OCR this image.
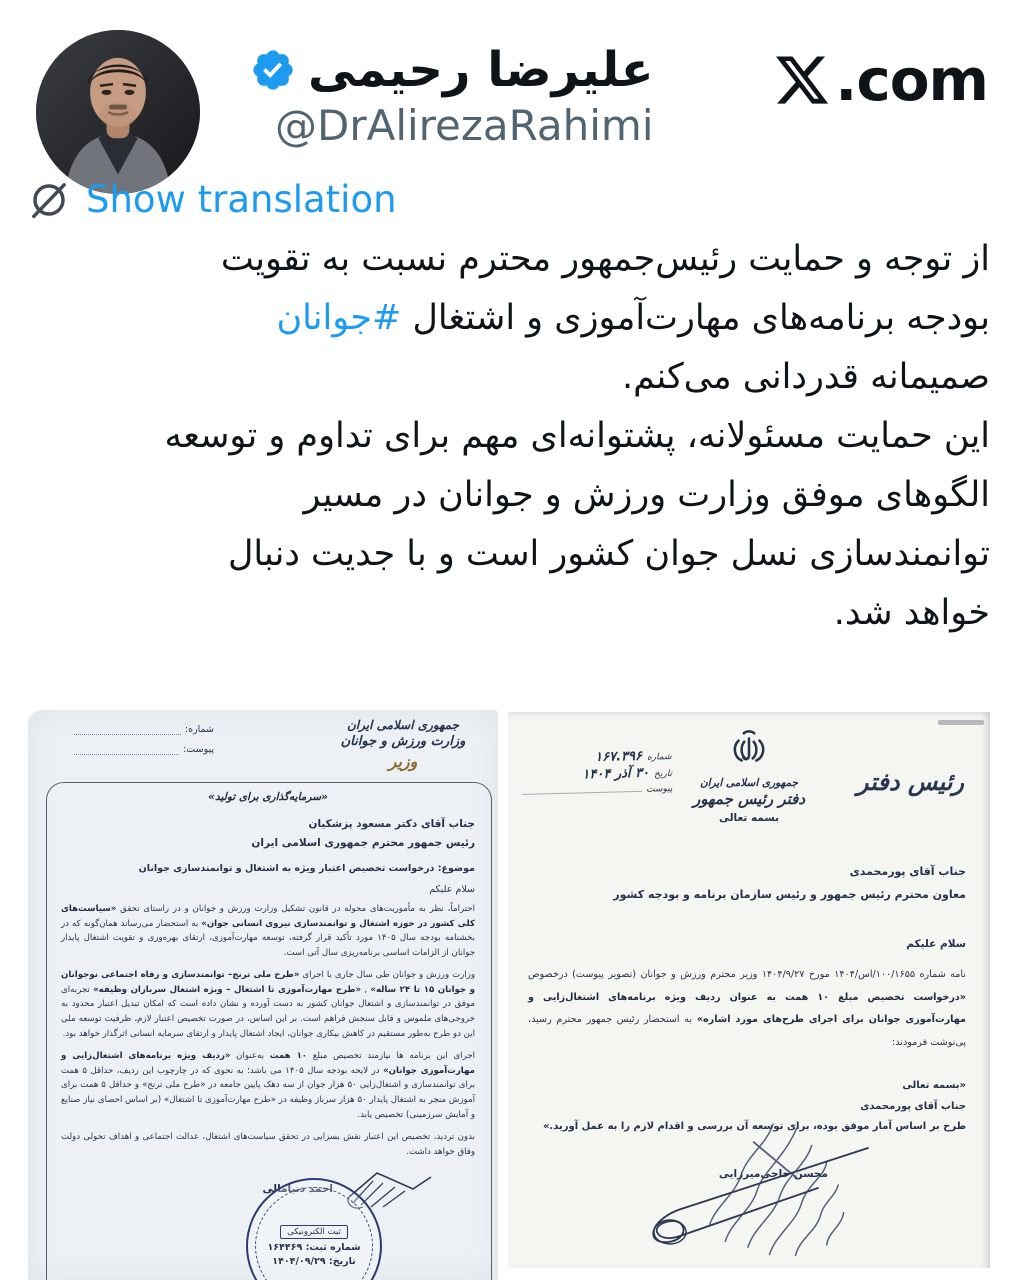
علیرضا رحیمی
@DrAlirezaRahimi
.com
Show translation
از توجه و حمایت رئیس‌جمهور محترم نسبت به تقویت
بودجه برنامه‌های مهارت‌آموزی و اشتغال #جوانان
صمیمانه قدردانی می‌کنم.
این حمایت مسئولانه، پشتوانه‌ای مهم برای تداوم و توسعه
الگوهای موفق وزارت ورزش و جوانان در مسیر
توانمندسازی نسل جوان کشور است و با جدیت دنبال
خواهد شد.
جمهوری اسلامی ایران
وزارت ورزش و جوانان
وزیر
شماره:
پیوست:
«سرمایه‌گذاری برای تولید»
جناب آقای دکتر مسعود پزشکیان
رئیس جمهور محترم جمهوری اسلامی ایران
موضوع: درخواست تخصیص اعتبار ویژه به اشتغال و توانمندسازی جوانان
سلام علیکم
احتراماً، نظر به مأموریت‌های محوله در قانون تشکیل وزارت ورزش و جوانان و در راستای تحقق «سیاست‌های کلی کشور در حوزه اشتغال و توانمندسازی نیروی انسانی جوان» به استحضار می‌رساند همان‌گونه که در بخشنامه بودجه سال ۱۴۰۵ مورد تأکید قرار گرفته، توسعه مهارت‌آموزی، ارتقای بهره‌وری و تقویت اشتغال پایدار جوانان از الزامات اساسی برنامه‌ریزی سال آتی است.
وزارت ورزش و جوانان طی سال جاری با اجرای «طرح ملی ترنج– توانمندسازی و رفاه اجتماعی نوجوانان و جوانان ۱۵ تا ۲۴ ساله» , «طرح مهارت‌آموزی تا اشتغال – ویژه اشتغال سربازان وظیفه» تجربه‌ای موفق در توانمندسازی و اشتغال جوانان کشور به دست آورده و نشان داده است که امکان تبدیل اعتبار محدود به خروجی‌های ملموس و قابل سنجش فراهم است. بر این اساس، در صورت تخصیص اعتبار لازم، ظرفیت توسعه ملی این دو طرح به‌طور مستقیم در کاهش بیکاری جوانان، ایجاد اشتغال پایدار و ارتقای سرمایه انسانی اثرگذار خواهد بود.
اجرای این برنامه ها نیازمند تخصیص مبلغ ۱۰ همت به‌عنوان «ردیف ویژه برنامه‌های اشتغال‌زایی و مهارت‌آموزی جوانان» در لایحه بودجه سال ۱۴۰۵ می باشد؛ به نحوی که در چارچوب این ردیف، حداقل ۵ همت برای توانمندسازی و اشتغال‌زایی ۵۰ هزار جوان از سه دهک پایین جامعه در «طرح ملی ترنج» و حداقل ۵ همت برای آموزش منجر به اشتغال پایدار ۵۰ هزار سرباز وظیفه در «طرح مهارت‌آموزی تا اشتغال» (بر اساس احصای نیاز صنایع و آمایش سرزمینی) تخصیص یابد.
بدون تردید، تخصیص این اعتبار نقش بسزایی در تحقق سیاست‌های اشتغال، عدالت اجتماعی و اهداف تحولی دولت وفاق خواهد داشت.
احمد دنیامالی
ثبت الکترونیکی
شماره ثبت: ۱۶۴۴۶۹
تاریخ: ۱۴۰۴/۰۹/۲۹
شماره
۱۶۷.۳۹۶
تاریخ
۳۰ آذر ۱۴۰۴
پیوست
جمهوری اسلامی ایران
دفتر رئیس جمهور
بسمه تعالی
رئیس دفتر
جناب آقای پورمحمدی
معاون محترم رئیس جمهور و رئیس سازمان برنامه و بودجه کشور
سلام علیکم
نامه شماره ۱۰۰/۱۶۵۵/اس/۱۴۰۴ مورخ ۱۴۰۴/۹/۲۷ وزیر محترم ورزش و جوانان (تصویر پیوست) درخصوص «درخواست تخصیص مبلغ ۱۰ همت به عنوان ردیف ویژه برنامه‌های اشتغال‌زایی و مهارت‌آموزی جوانان برای اجرای طرح‌های مورد اشاره» به استحضار رئیس جمهور محترم رسید، پی‌نوشت فرمودند:
«بسمه تعالی
جناب آقای پورمحمدی
طرح بر اساس آمار موفق بوده، برای توسعه آن بررسی و اقدام لازم را به عمل آورید.»
محسن حاجی‌میرزایی
